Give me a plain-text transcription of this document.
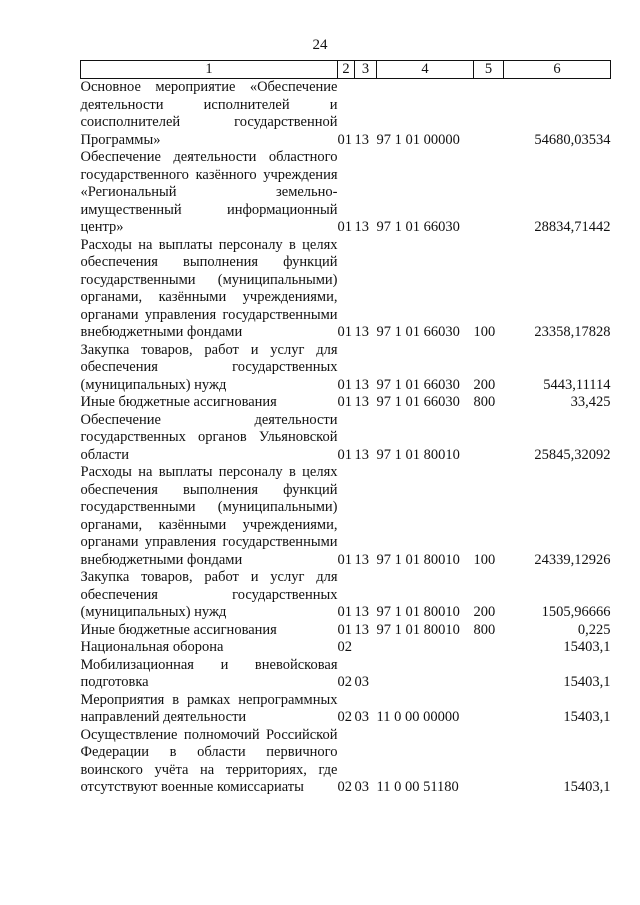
24
1	2	3	4	5	6
Основное мероприятие «Обеспечение деятельности исполнителей и соисполнителей государственной Программы»	01	13	97 1 01 00000		54680,03534
Обеспечение деятельности областного государственного казённого учреждения «Региональный земельно-имущественный информационный центр»	01	13	97 1 01 66030		28834,71442
Расходы на выплаты персоналу в целях обеспечения выполнения функций государственными (муниципальными) органами, казёнными учреждениями, органами управления государственными внебюджетными фондами	01	13	97 1 01 66030	100	23358,17828
Закупка товаров, работ и услуг для обеспечения государственных (муниципальных) нужд	01	13	97 1 01 66030	200	5443,11114
Иные бюджетные ассигнования	01	13	97 1 01 66030	800	33,425
Обеспечение деятельности государственных органов Ульяновской области	01	13	97 1 01 80010		25845,32092
Расходы на выплаты персоналу в целях обеспечения выполнения функций государственными (муниципальными) органами, казёнными учреждениями, органами управления государственными внебюджетными фондами	01	13	97 1 01 80010	100	24339,12926
Закупка товаров, работ и услуг для обеспечения государственных (муниципальных) нужд	01	13	97 1 01 80010	200	1505,96666
Иные бюджетные ассигнования	01	13	97 1 01 80010	800	0,225
Национальная оборона	02				15403,1
Мобилизационная и вневойсковая подготовка	02	03			15403,1
Мероприятия в рамках непрограммных направлений деятельности	02	03	11 0 00 00000		15403,1
Осуществление полномочий Российской Федерации в области первичного воинского учёта на территориях, где отсутствуют военные комиссариаты	02	03	11 0 00 51180		15403,1
